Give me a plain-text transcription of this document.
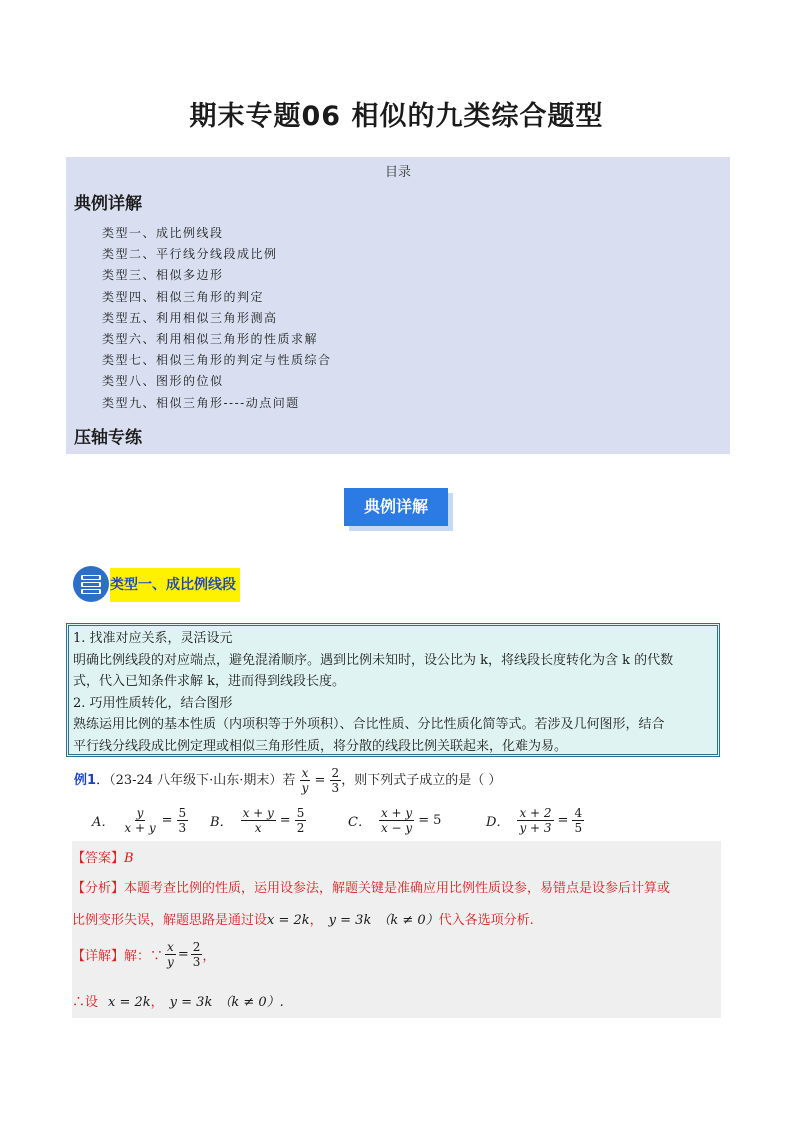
期末专题06 相似的九类综合题型
目录
典例详解
类型一、成比例线段
类型二、平行线分线段成比例
类型三、相似多边形
类型四、相似三角形的判定
类型五、利用相似三角形测高
类型六、利用相似三角形的性质求解
类型七、相似三角形的判定与性质综合
类型八、图形的位似
类型九、相似三角形----动点问题
压轴专练
典例详解
类型一、成比例线段

1. 找准对应关系，灵活设元

明确比例线段的对应端点，避免混淆顺序。遇到比例未知时，设公比为 k，将线段长度转化为含 k 的代数

式，代入已知条件求解 k，进而得到线段长度。

2. 巧用性质转化，结合图形

熟练运用比例的基本性质（内项积等于外项积）、合比性质、分比性质化简等式。若涉及几何图形，结合

平行线分线段成比例定理或相似三角形性质，将分散的线段比例关联起来，化难为易。

例1．（23-24 八年级下·山东·期末）若 $\frac{x}{y} = \frac{2}{3}$ ，则下列式子成立的是（ ）
A． $\frac{y}{x + y} = \frac{5}{3}$ B． $\frac{x + y}{x} = \frac{5}{2}$	C． $\frac{x + y}{x - y} = 5$	D． $\frac{x + 2}{y + 3} = \frac{4}{5}$
【答案】B
【分析】本题考查比例的性质，运用设参法，解题关键是准确应用比例性质设参，易错点是设参后计算或
比例变形失误，解题思路是通过设x = 2k， y = 3k （k ≠ 0）代入各选项分析.
【详解】 解：∵ $\frac{x}{y} = \frac{2}{3}$ ，
∴设 x = 2k， y = 3k （k ≠ 0）.
